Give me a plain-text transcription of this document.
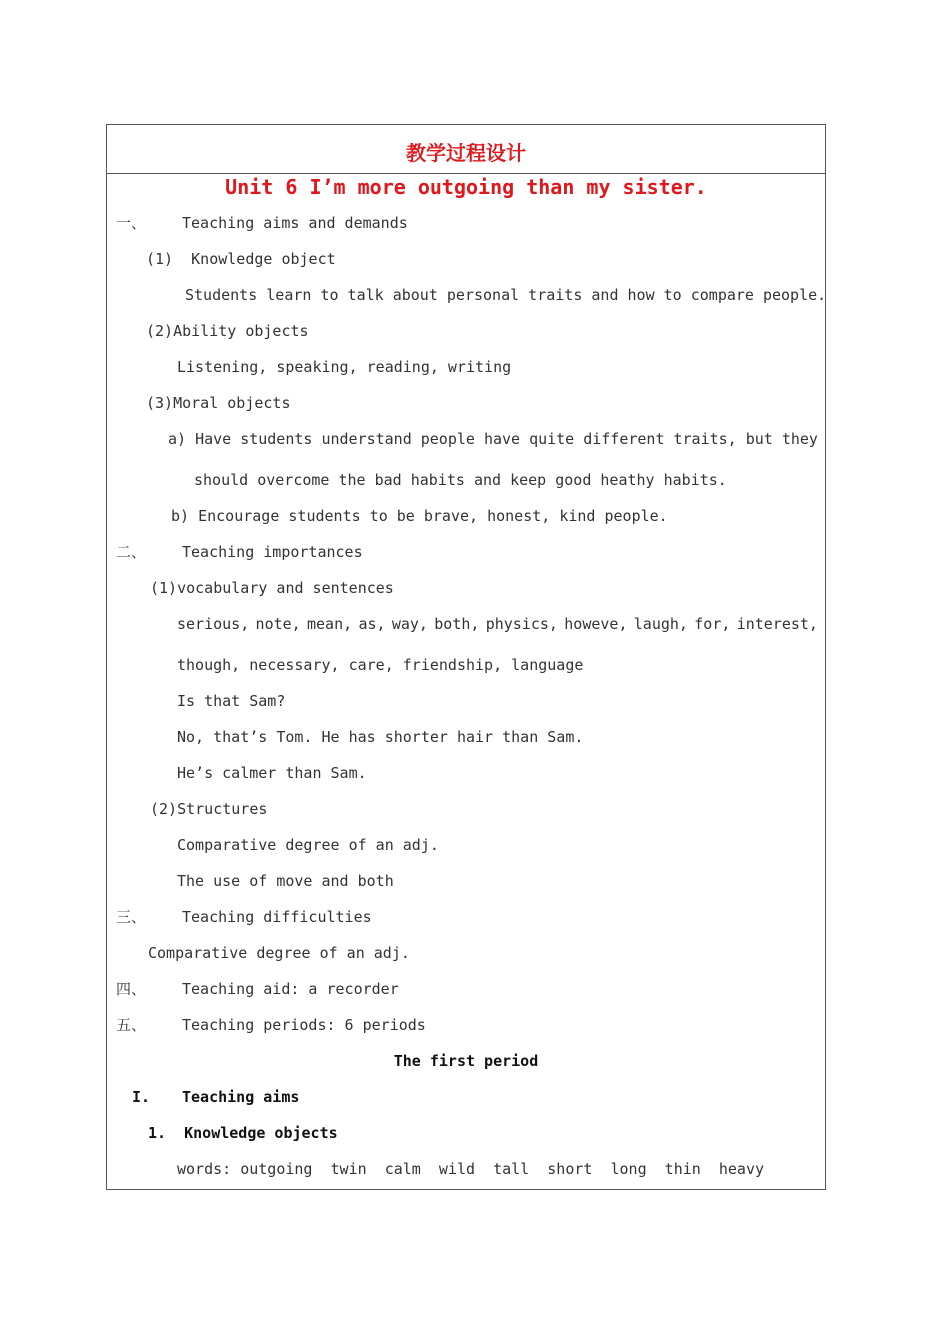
教学过程设计
Unit 6 I’m more outgoing than my sister.
一、 Teaching aims and demands
(1)  Knowledge object
Students learn to talk about personal traits and how to compare people.
(2)Ability objects
Listening, speaking, reading, writing
(3)Moral objects
a) Have students understand people have quite different traits, but they
should overcome the bad habits and keep good heathy habits.
b) Encourage students to be brave, honest, kind people.
二、 Teaching importances
(1)vocabulary and sentences
serious, note, mean, as, way, both, physics, howeve, laugh, for, interest,
though, necessary, care, friendship, language
Is that Sam?
No, that’s Tom. He has shorter hair than Sam.
He’s calmer than Sam.
(2)Structures
Comparative degree of an adj.
The use of move and both
三、 Teaching difficulties
Comparative degree of an adj.
四、 Teaching aid: a recorder
五、 Teaching periods: 6 periods
The first period
I. Teaching aims
1.  Knowledge objects
words: outgoing  twin  calm  wild  tall  short  long  thin  heavy
